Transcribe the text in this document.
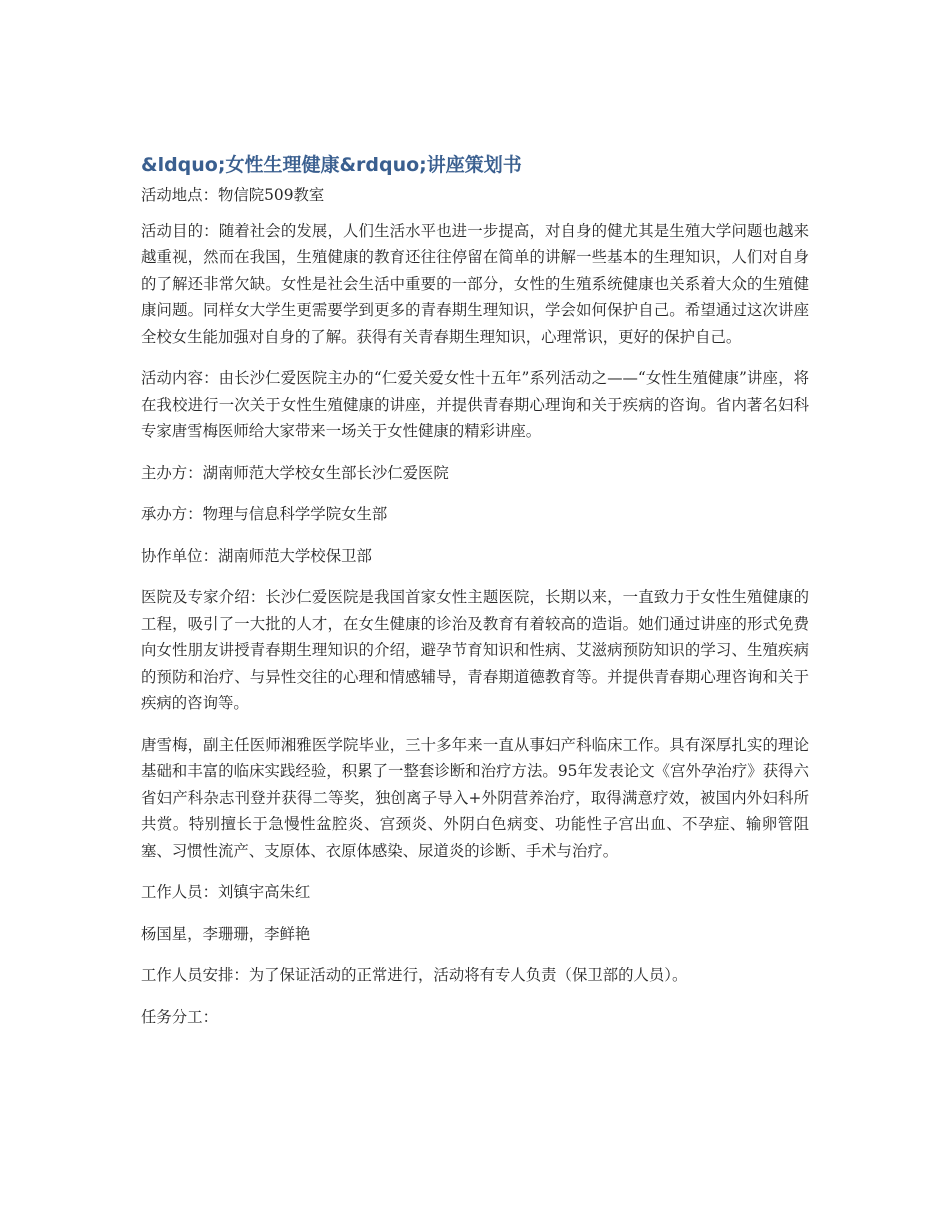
&ldquo;女性生理健康&rdquo;讲座策划书

活动地点：物信院509教室

活动目的：随着社会的发展，人们生活水平也进一步提高，对自身的健尤其是生殖大学问题也越来越重视，然而在我国，生殖健康的教育还往往停留在简单的讲解一些基本的生理知识，人们对自身的了解还非常欠缺。女性是社会生活中重要的一部分，女性的生殖系统健康也关系着大众的生殖健康问题。同样女大学生更需要学到更多的青春期生理知识，学会如何保护自己。希望通过这次讲座全校女生能加强对自身的了解。获得有关青春期生理知识，心理常识，更好的保护自己。

活动内容：由长沙仁爱医院主办的“仁爱关爱女性十五年”系列活动之——“女性生殖健康”讲座，将在我校进行一次关于女性生殖健康的讲座，并提供青春期心理询和关于疾病的咨询。省内著名妇科专家唐雪梅医师给大家带来一场关于女性健康的精彩讲座。

主办方：湖南师范大学校女生部长沙仁爱医院

承办方：物理与信息科学学院女生部

协作单位：湖南师范大学校保卫部

医院及专家介绍：长沙仁爱医院是我国首家女性主题医院，长期以来，一直致力于女性生殖健康的工程，吸引了一大批的人才，在女生健康的诊治及教育有着较高的造诣。她们通过讲座的形式免费向女性朋友讲授青春期生理知识的介绍，避孕节育知识和性病、艾滋病预防知识的学习、生殖疾病的预防和治疗、与异性交往的心理和情感辅导，青春期道德教育等。并提供青春期心理咨询和关于疾病的咨询等。

唐雪梅，副主任医师湘雅医学院毕业，三十多年来一直从事妇产科临床工作。具有深厚扎实的理论基础和丰富的临床实践经验，积累了一整套诊断和治疗方法。95年发表论文《宫外孕治疗》获得六省妇产科杂志刊登并获得二等奖，独创离子导入+外阴营养治疗，取得满意疗效，被国内外妇科所共赏。特别擅长于急慢性盆腔炎、宫颈炎、外阴白色病变、功能性子宫出血、不孕症、输卵管阻塞、习惯性流产、支原体、衣原体感染、尿道炎的诊断、手术与治疗。

工作人员：刘镇宇高朱红

杨国星，李珊珊，李鲜艳

工作人员安排：为了保证活动的正常进行，活动将有专人负责（保卫部的人员）。

任务分工：
